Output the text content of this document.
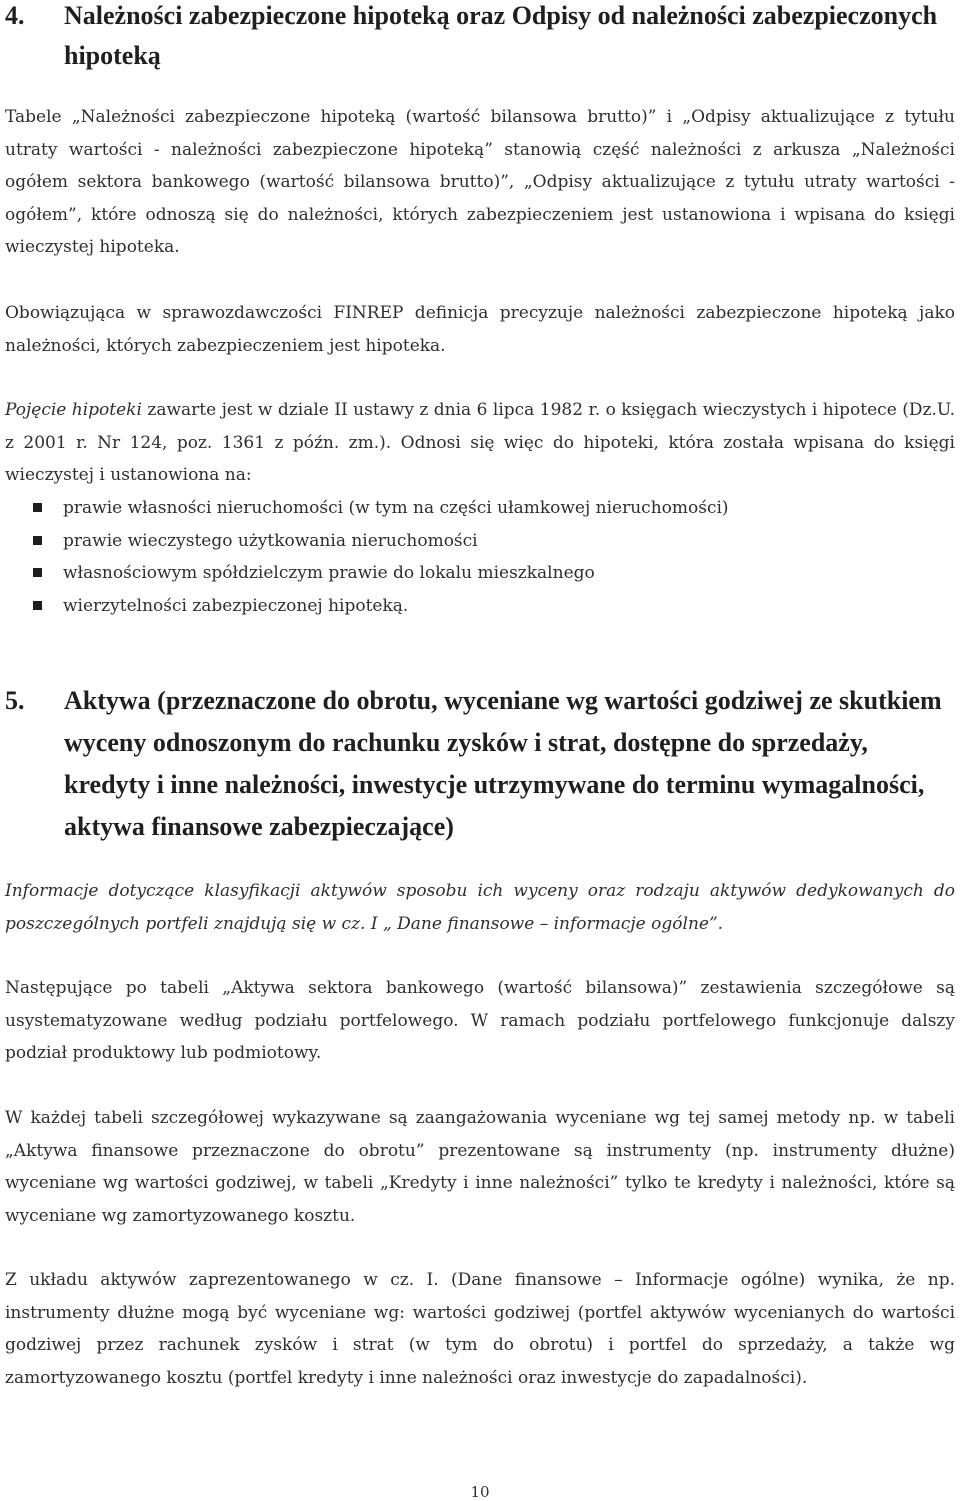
4.	Należności zabezpieczone hipoteką oraz Odpisy od należności zabezpieczonych hipoteką

Tabele „Należności zabezpieczone hipoteką (wartość bilansowa brutto)” i „Odpisy aktualizujące z tytułu utraty wartości - należności zabezpieczone hipoteką” stanowią część należności z arkusza „Należności ogółem sektora bankowego (wartość bilansowa brutto)”, „Odpisy aktualizujące z tytułu utraty wartości - ogółem”, które odnoszą się do należności, których zabezpieczeniem jest ustanowiona i wpisana do księgi wieczystej hipoteka.

Obowiązująca w sprawozdawczości FINREP definicja precyzuje należności zabezpieczone hipoteką jako należności, których zabezpieczeniem jest hipoteka.

Pojęcie hipoteki zawarte jest w dziale II ustawy z dnia 6 lipca 1982 r. o księgach wieczystych i hipotece (Dz.U. z 2001 r. Nr 124, poz. 1361 z późn. zm.). Odnosi się więc do hipoteki, która została wpisana do księgi wieczystej i ustanowiona na:

prawie własności nieruchomości (w tym na części ułamkowej nieruchomości)
prawie wieczystego użytkowania nieruchomości
własnościowym spółdzielczym prawie do lokalu mieszkalnego
wierzytelności zabezpieczonej hipoteką.
5.	Aktywa (przeznaczone do obrotu, wyceniane wg wartości godziwej ze skutkiem wyceny odnoszonym do rachunku zysków i strat, dostępne do sprzedaży, kredyty i inne należności, inwestycje utrzymywane do terminu wymagalności, aktywa finansowe zabezpieczające)

Informacje dotyczące klasyfikacji aktywów sposobu ich wyceny oraz rodzaju aktywów dedykowanych do poszczególnych portfeli znajdują się w cz. I „ Dane finansowe – informacje ogólne”.

Następujące po tabeli „Aktywa sektora bankowego (wartość bilansowa)” zestawienia szczegółowe są usystematyzowane według podziału portfelowego. W ramach podziału portfelowego funkcjonuje dalszy podział produktowy lub podmiotowy.

W każdej tabeli szczegółowej wykazywane są zaangażowania wyceniane wg tej samej metody np. w tabeli „Aktywa finansowe przeznaczone do obrotu” prezentowane są instrumenty (np. instrumenty dłużne) wyceniane wg wartości godziwej, w tabeli „Kredyty i inne należności” tylko te kredyty i należności, które są wyceniane wg zamortyzowanego kosztu.

Z układu aktywów zaprezentowanego w cz. I. (Dane finansowe – Informacje ogólne) wynika, że np. instrumenty dłużne mogą być wyceniane wg: wartości godziwej (portfel aktywów wycenianych do wartości godziwej przez rachunek zysków i strat (w tym do obrotu) i portfel do sprzedaży, a także wg zamortyzowanego kosztu (portfel kredyty i inne należności oraz inwestycje do zapadalności).

10
